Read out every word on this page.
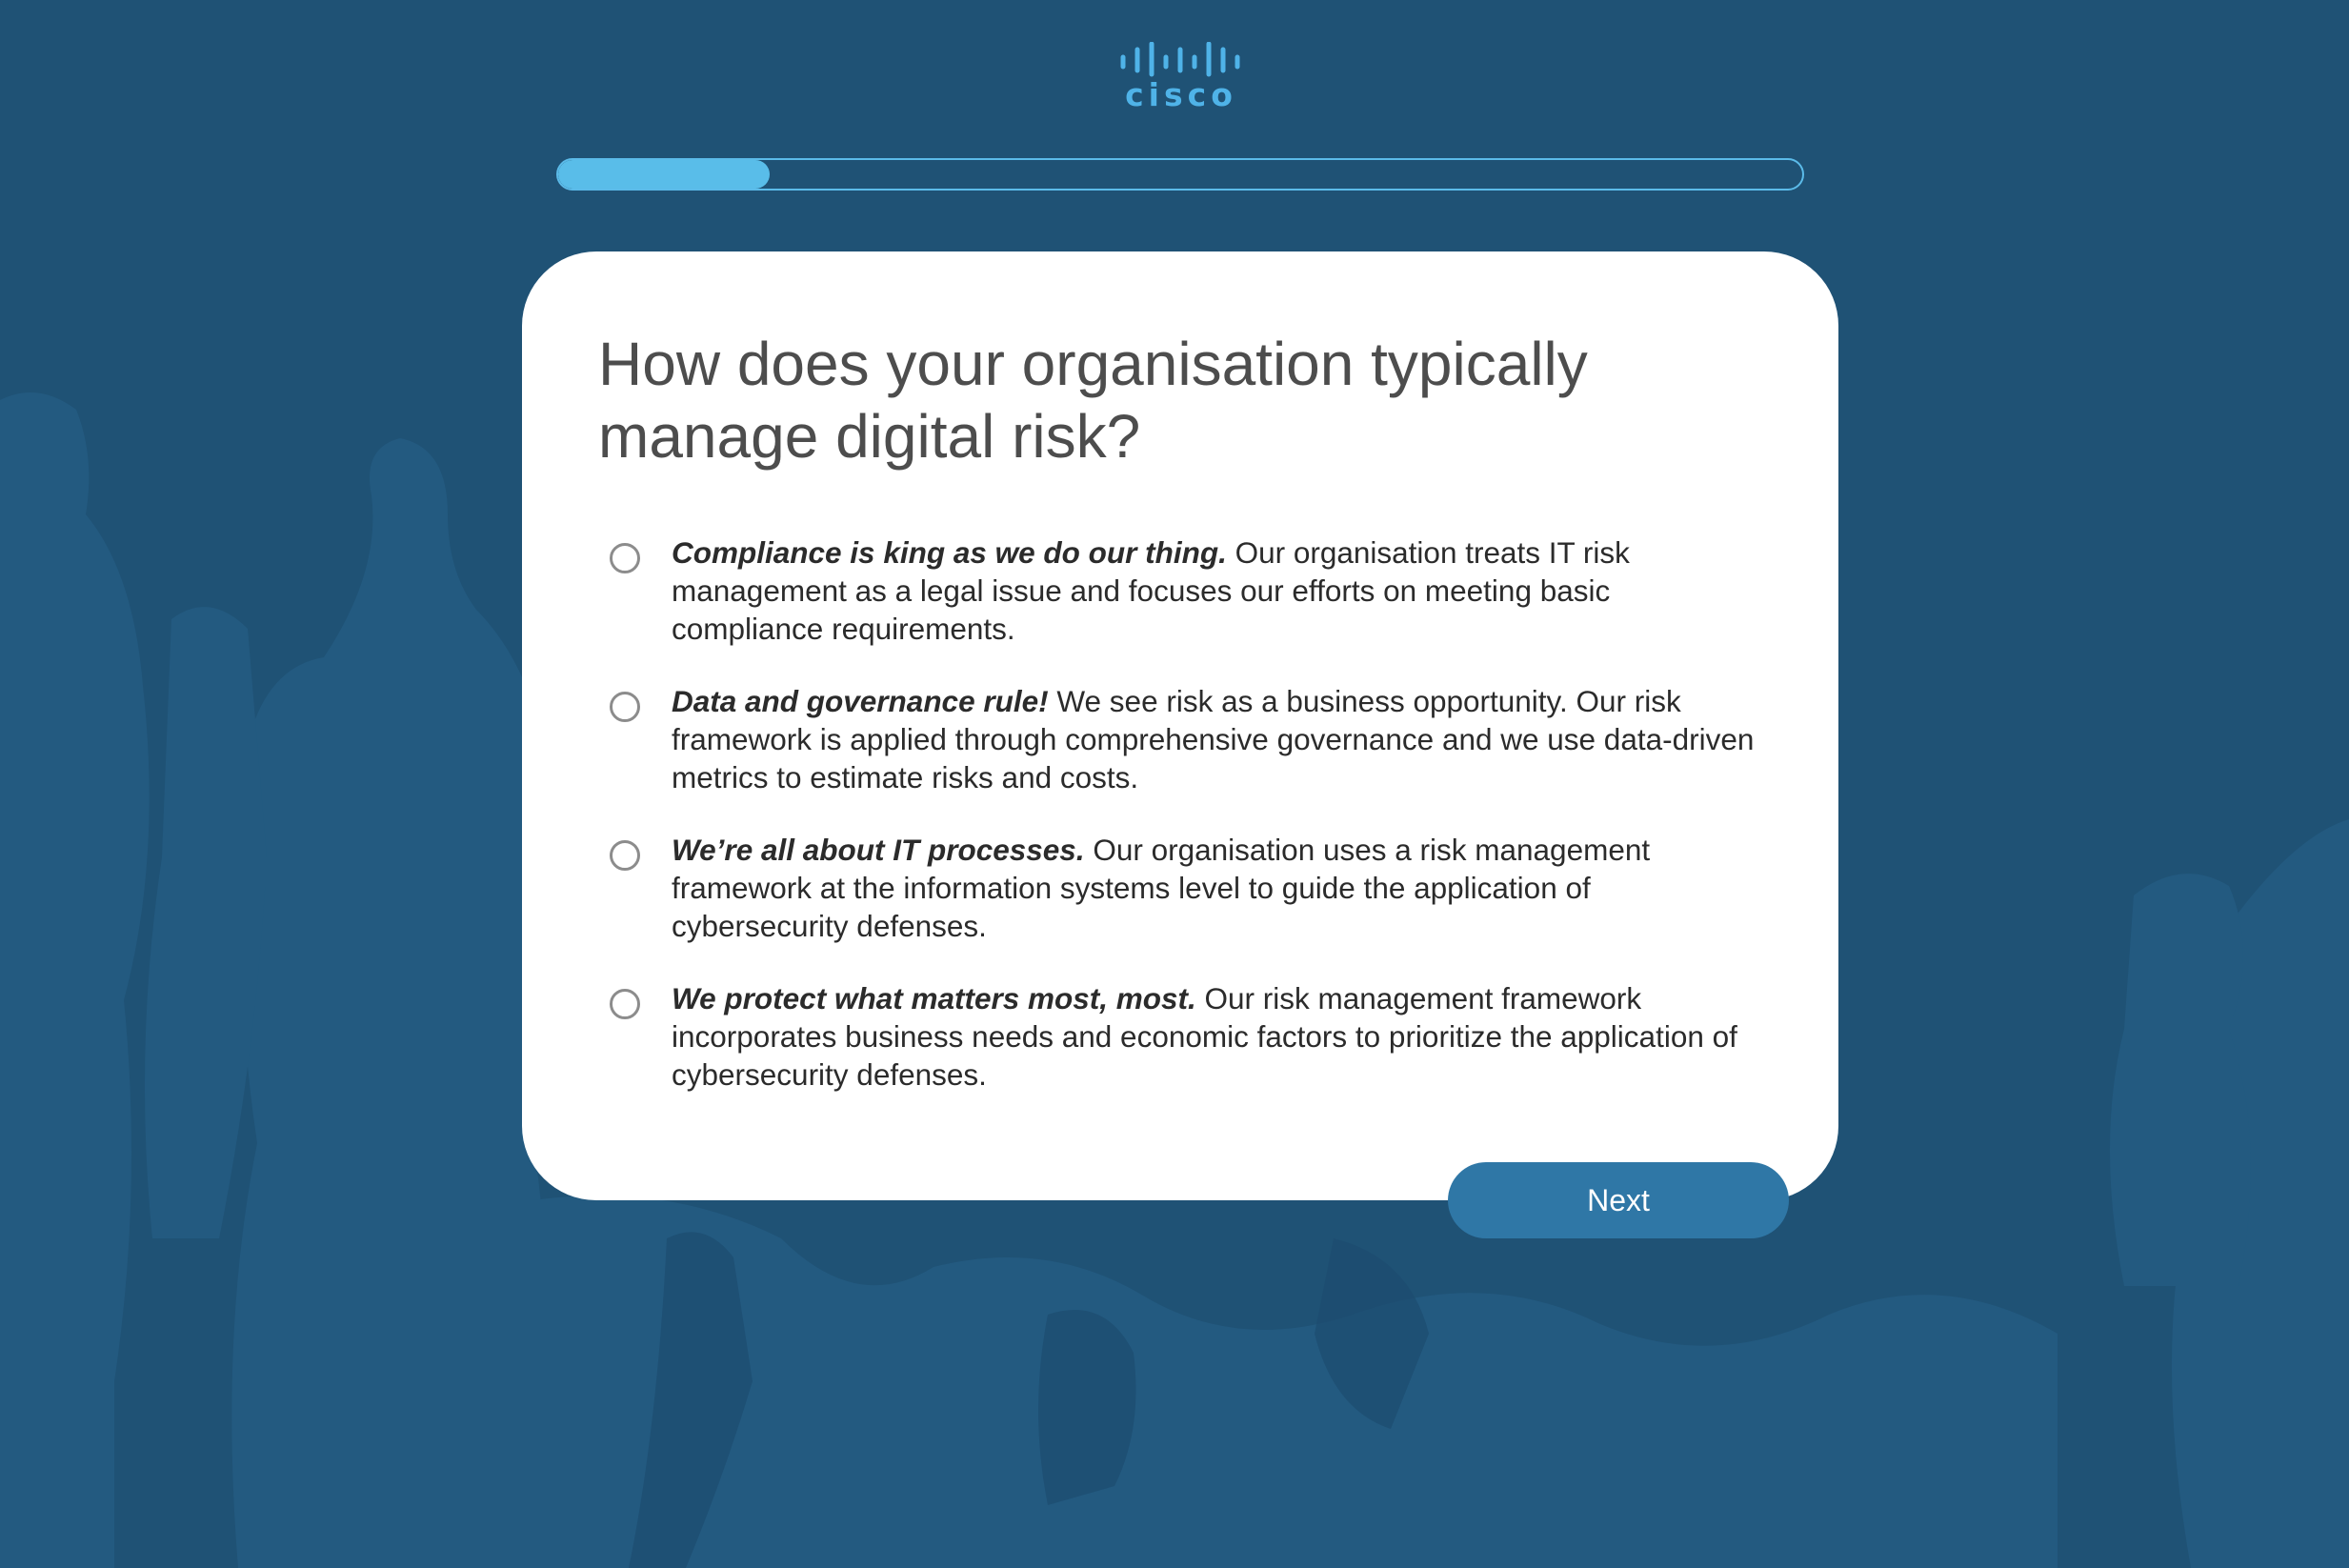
cisco
How does your organisation typically manage digital risk?
Compliance is king as we do our thing. Our organisation treats IT risk management as a legal issue and focuses our efforts on meeting basic compliance requirements.
Data and governance rule! We see risk as a business opportunity. Our risk framework is applied through comprehensive governance and we use data-driven metrics to estimate risks and costs.
We’re all about IT processes. Our organisation uses a risk management framework at the information systems level to guide the application of cybersecurity defenses.
We protect what matters most, most. Our risk management framework incorporates business needs and economic factors to prioritize the application of cybersecurity defenses.
Next
